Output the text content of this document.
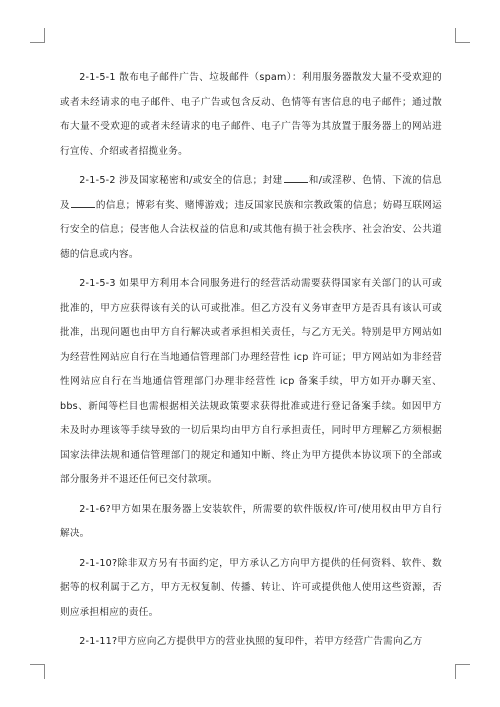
2-1-5-1 散布电子邮件广告、垃圾邮件（spam）：利用服务器散发大量不受欢迎的或者未经请求的电子邮件、电子广告或包含反动、色情等有害信息的电子邮件；通过散布大量不受欢迎的或者未经请求的电子邮件、电子广告等为其放置于服务器上的网站进行宣传、介绍或者招揽业务。

2-1-5-2 涉及国家秘密和/或安全的信息；封建	和/或淫秽、色情、下流的信息及	的信息；博彩有奖、赌博游戏；违反国家民族和宗教政策的信息；妨碍互联网运行安全的信息；侵害他人合法权益的信息和/或其他有损于社会秩序、社会治安、公共道德的信息或内容。

2-1-5-3 如果甲方利用本合同服务进行的经营活动需要获得国家有关部门的认可或批准的，甲方应获得该有关的认可或批准。但乙方没有义务审查甲方是否具有该认可或批准，出现问题也由甲方自行解决或者承担相关责任，与乙方无关。特别是甲方网站如为经营性网站应自行在当地通信管理部门办理经营性 icp 许可证；甲方网站如为非经营性网站应自行在当地通信管理部门办理非经营性 icp 备案手续，甲方如开办聊天室、bbs、新闻等栏目也需根据相关法规政策要求获得批准或进行登记备案手续。如因甲方未及时办理该等手续导致的一切后果均由甲方自行承担责任，同时甲方理解乙方须根据国家法律法规和通信管理部门的规定和通知中断、终止为甲方提供本协议项下的全部或部分服务并不退还任何已交付款项。

2-1-6?甲方如果在服务器上安装软件，所需要的软件版权/许可/使用权由甲方自行解决。

2-1-10?除非双方另有书面约定，甲方承认乙方向甲方提供的任何资料、软件、数据等的权利属于乙方，甲方无权复制、传播、转让、许可或提供他人使用这些资源，否则应承担相应的责任。

2-1-11?甲方应向乙方提供甲方的营业执照的复印件，若甲方经营广告需向乙方
